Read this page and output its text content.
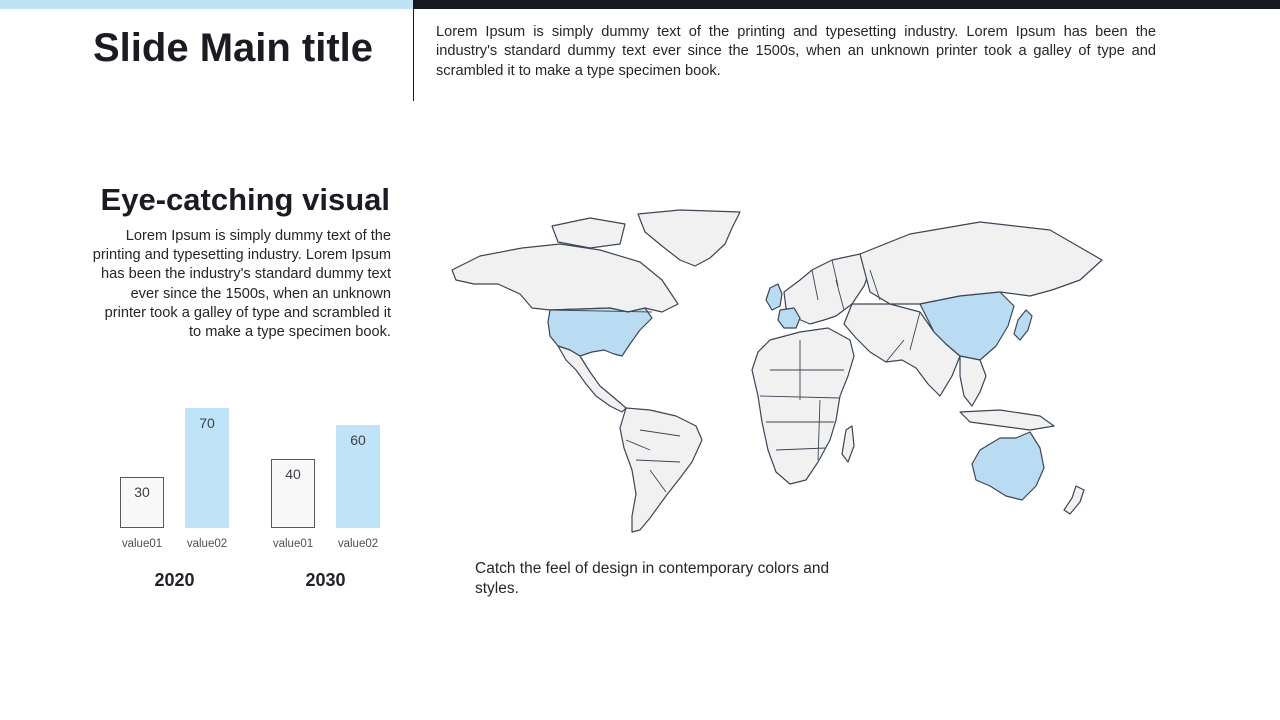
Slide Main title	Lorem Ipsum is simply dummy text of the printing and typesetting industry. Lorem Ipsum has been the industry's standard dummy text ever since the 1500s, when an unknown printer took a galley of type and scrambled it to make a type specimen book.
Eye-catching visual
Lorem Ipsum is simply dummy text of the printing and typesetting industry. Lorem Ipsum has been the industry's standard dummy text ever since the 1500s, when an unknown printer took a galley of type and scrambled it to make a type specimen book.
30
value01
70
value02
2020
40
value01
60
value02
2030
Catch the feel of design in contemporary colors and styles.
